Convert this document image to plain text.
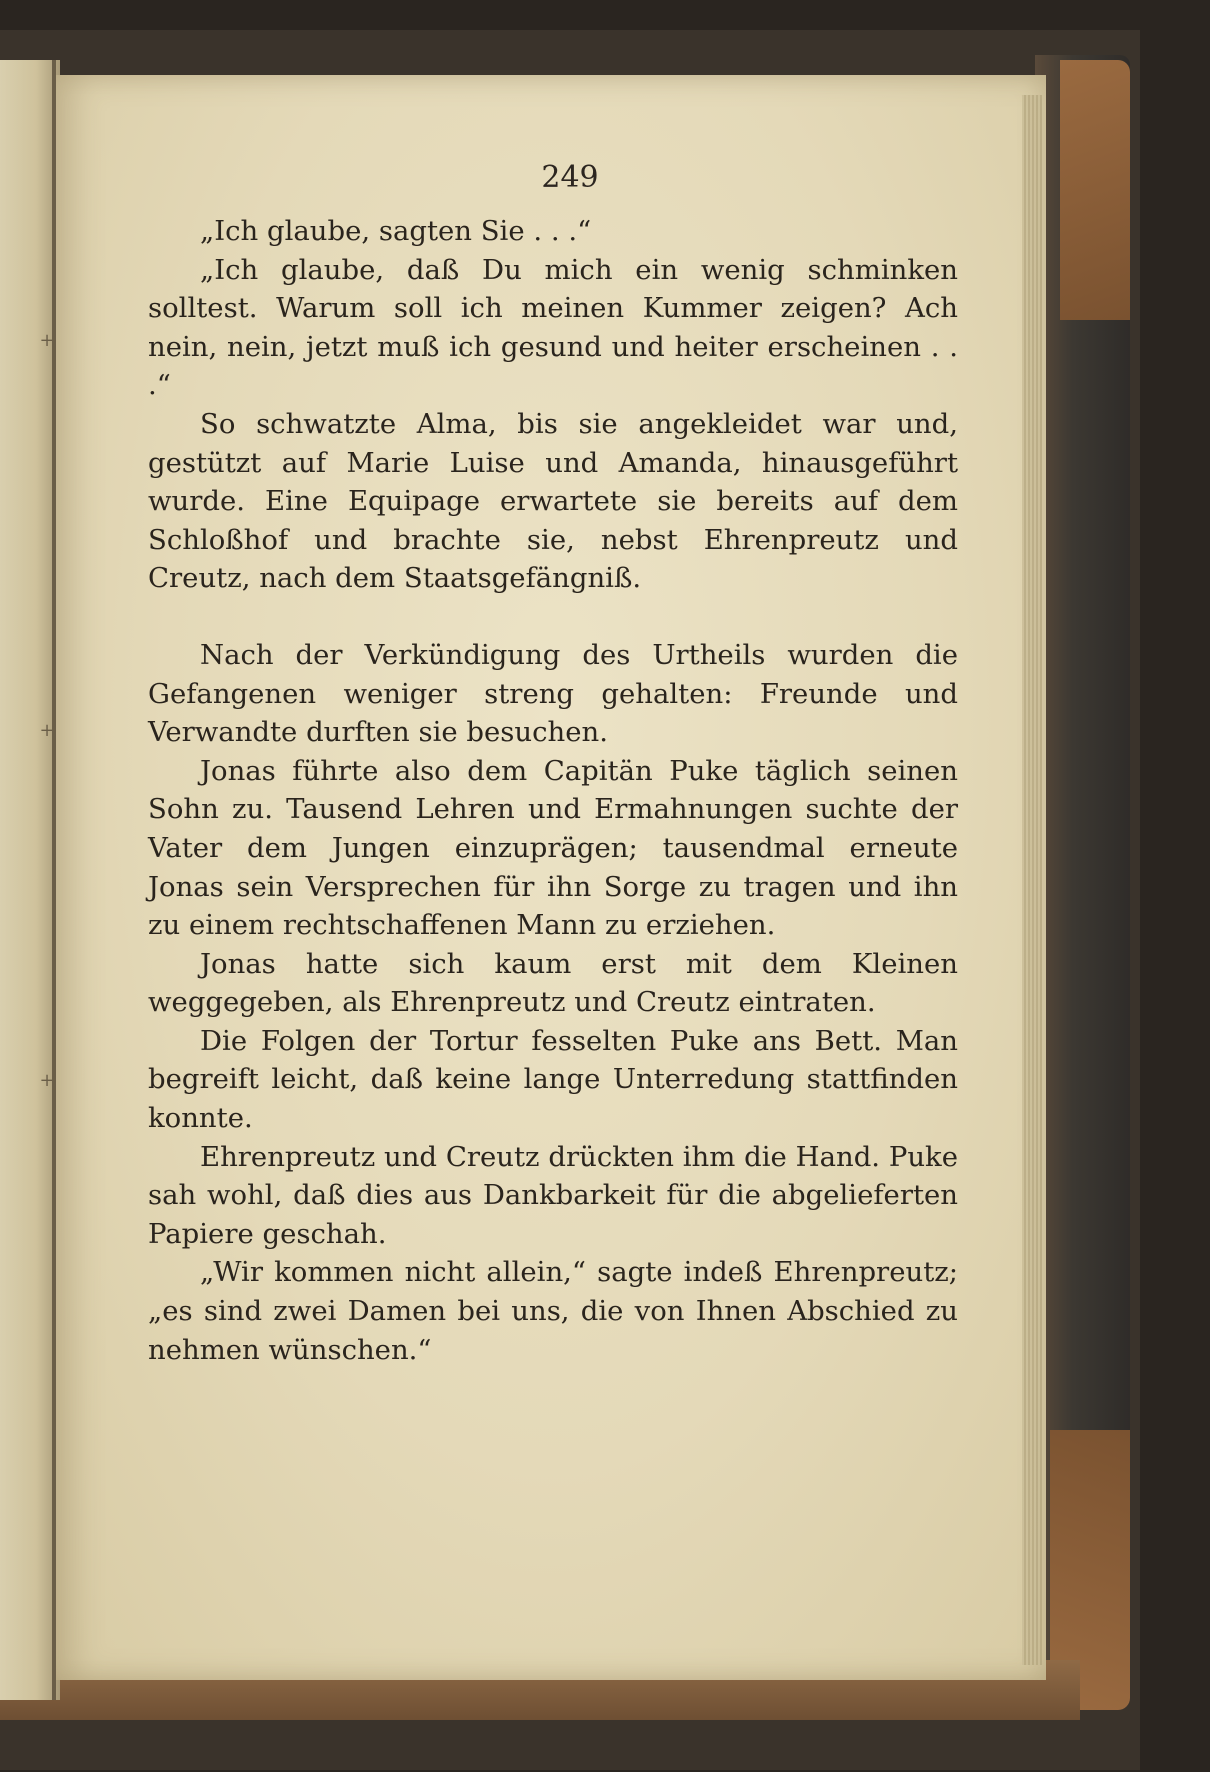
+
+
+
249

„Ich glaube, sagten Sie . . .“

„Ich glaube, daß Du mich ein wenig schminken solltest. Warum soll ich meinen Kummer zeigen? Ach nein, nein, jetzt muß ich gesund und heiter erscheinen . . .“

So schwatzte Alma, bis sie angekleidet war und, gestützt auf Marie Luise und Amanda, hinausgeführt wurde. Eine Equipage erwartete sie bereits auf dem Schloßhof und brachte sie, nebst Ehrenpreutz und Creutz, nach dem Staatsgefängniß.

Nach der Verkündigung des Urtheils wurden die Gefangenen weniger streng gehalten: Freunde und Verwandte durften sie besuchen.

Jonas führte also dem Capitän Puke täglich seinen Sohn zu. Tausend Lehren und Ermahnungen suchte der Vater dem Jungen einzuprägen; tausendmal erneute Jonas sein Versprechen für ihn Sorge zu tragen und ihn zu einem rechtschaffenen Mann zu erziehen.

Jonas hatte sich kaum erst mit dem Kleinen weggegeben, als Ehrenpreutz und Creutz eintraten.

Die Folgen der Tortur fesselten Puke ans Bett. Man begreift leicht, daß keine lange Unterredung stattfinden konnte.

Ehrenpreutz und Creutz drückten ihm die Hand. Puke sah wohl, daß dies aus Dankbarkeit für die abgelieferten Papiere geschah.

„Wir kommen nicht allein,“ sagte indeß Ehrenpreutz; „es sind zwei Damen bei uns, die von Ihnen Abschied zu nehmen wünschen.“
